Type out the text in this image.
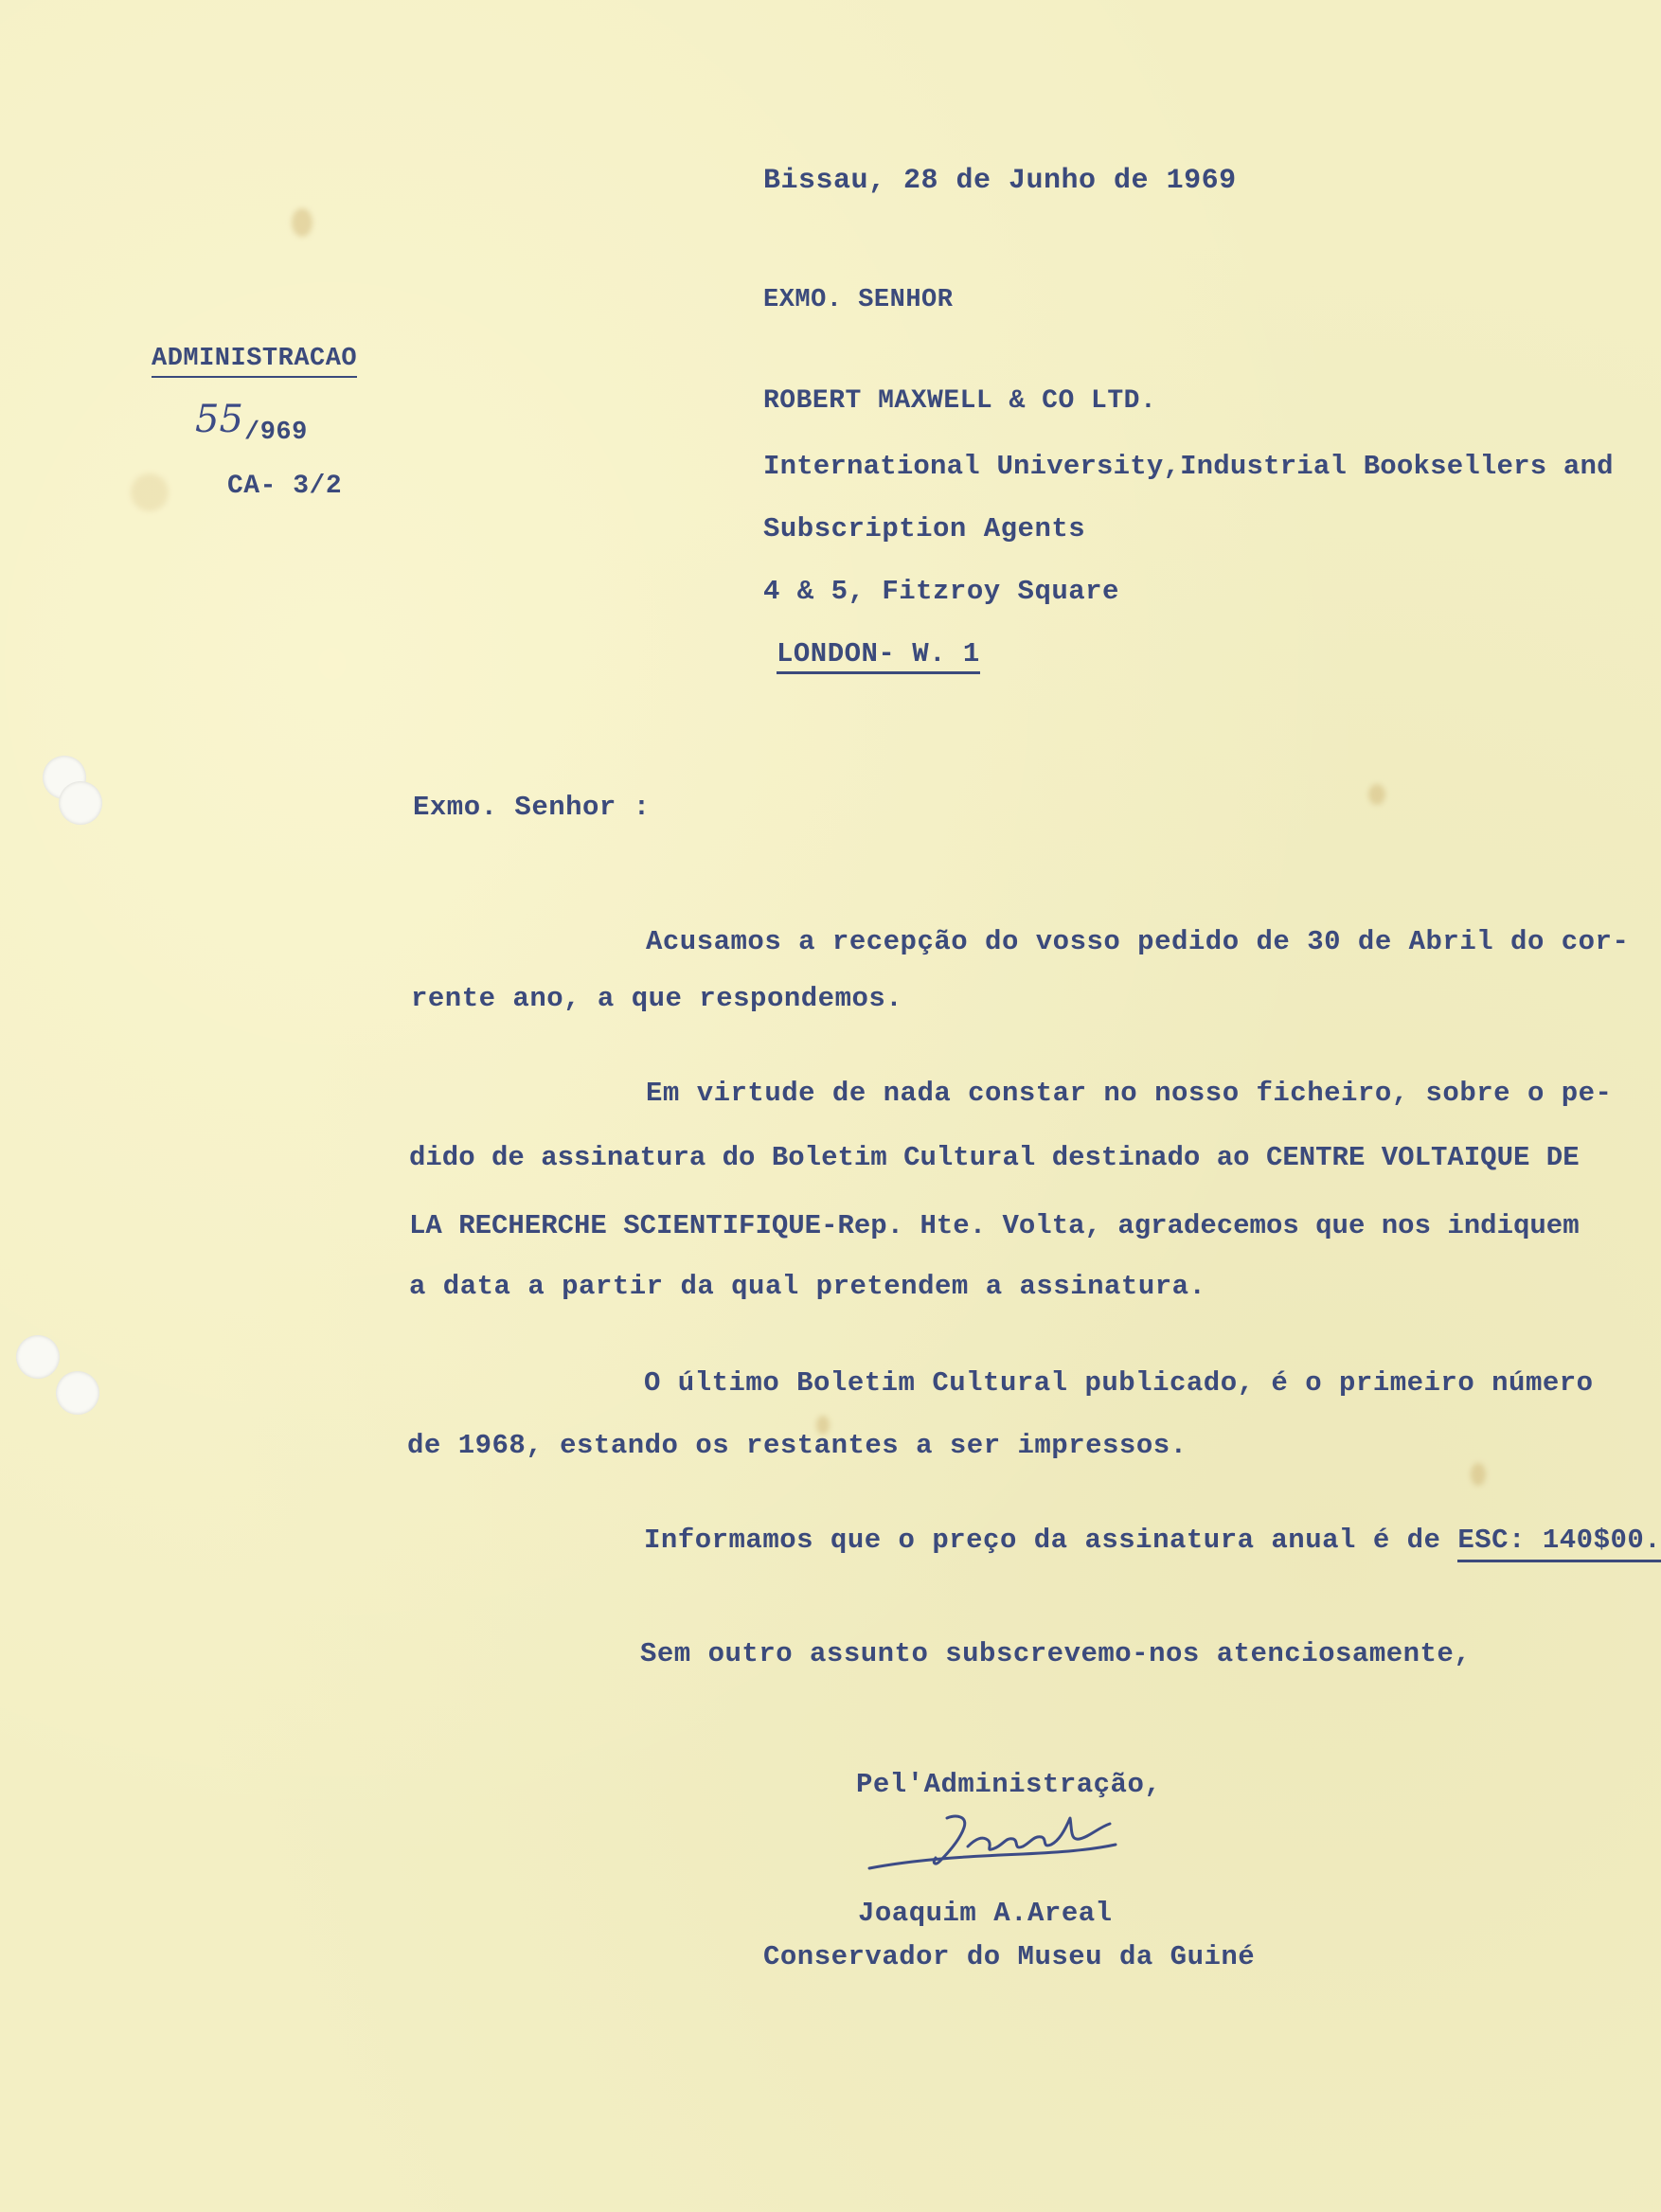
Bissau, 28 de Junho de 1969
EXMO. SENHOR
ADMINISTRACAO
55 /969
CA- 3/2
ROBERT MAXWELL & CO LTD.
International University,Industrial Booksellers and
Subscription Agents
4 & 5, Fitzroy Square
LONDON- W. 1
Exmo. Senhor :
Acusamos a recepção do vosso pedido de 30 de Abril do cor-
rente ano, a que respondemos.
Em virtude de nada constar no nosso ficheiro, sobre o pe-
dido de assinatura do Boletim Cultural destinado ao CENTRE VOLTAIQUE DE
LA RECHERCHE SCIENTIFIQUE-Rep. Hte. Volta, agradecemos que nos indiquem
a data a partir da qual pretendem a assinatura.
O último Boletim Cultural publicado, é o primeiro número
de 1968, estando os restantes a ser impressos.
Informamos que o preço da assinatura anual é de ESC: 140$00.
Sem outro assunto subscrevemo-nos atenciosamente,
Pel'Administração,
Joaquim A.Areal
Conservador do Museu da Guiné
